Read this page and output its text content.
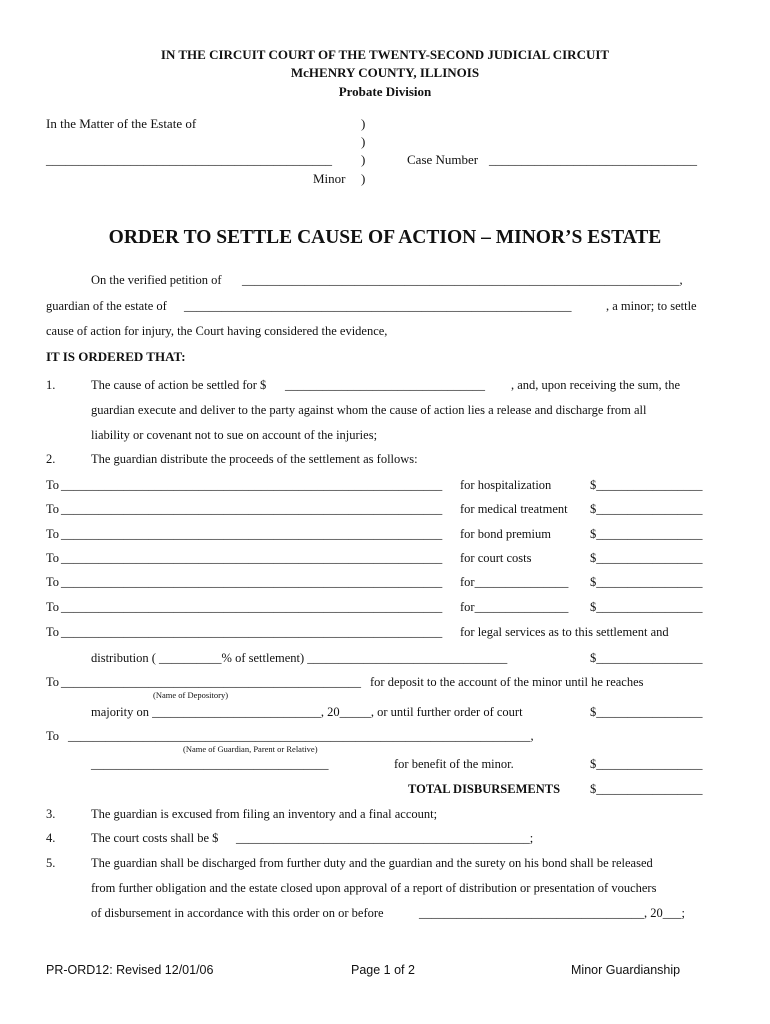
IN THE CIRCUIT COURT OF THE TWENTY-SECOND JUDICIAL CIRCUIT
McHENRY COUNTY, ILLINOIS
Probate Division
In the Matter of the Estate of	)
)
____________________________________________ )	Case Number ________________________________
Minor )
ORDER TO SETTLE CAUSE OF ACTION – MINOR’S ESTATE
On the verified petition of ______________________________________________________________________,
guardian of the estate of ______________________________________________________________	, a minor; to settle
cause of action for injury, the Court having considered the evidence,
IT IS ORDERED THAT:
1.	The cause of action be settled for $ ________________________________ , and, upon receiving the sum, the
guardian execute and deliver to the party against whom the cause of action lies a release and discharge from all
liability or covenant not to sue on account of the injuries;
2.	The guardian distribute the proceeds of the settlement as follows:
To _____________________________________________________________ for hospitalization	$_________________
To _____________________________________________________________ for medical treatment $_________________
To _____________________________________________________________ for bond premium	$_________________
To _____________________________________________________________ for court costs	$_________________
To _____________________________________________________________ for_______________ $_________________
To _____________________________________________________________ for_______________ $_________________
To _____________________________________________________________ for legal services as to this settlement and
distribution ( __________% of settlement) ________________________________	$_________________
To ________________________________________________ for deposit to the account of the minor until he reaches
(Name of Depository)
majority on ___________________________, 20_____, or until further order of court	$_________________
To __________________________________________________________________________,
(Name of Guardian, Parent or Relative)
______________________________________	for benefit of the minor.	$_________________
TOTAL DISBURSEMENTS $_________________
3.	The guardian is excused from filing an inventory and a final account;
4.	The court costs shall be $ _______________________________________________;
5.	The guardian shall be discharged from further duty and the guardian and the surety on his bond shall be released
from further obligation and the estate closed upon approval of a report of distribution or presentation of vouchers
of disbursement in accordance with this order on or before	____________________________________, 20___;
PR-ORD12: Revised 12/01/06	Page 1 of 2	Minor Guardianship
